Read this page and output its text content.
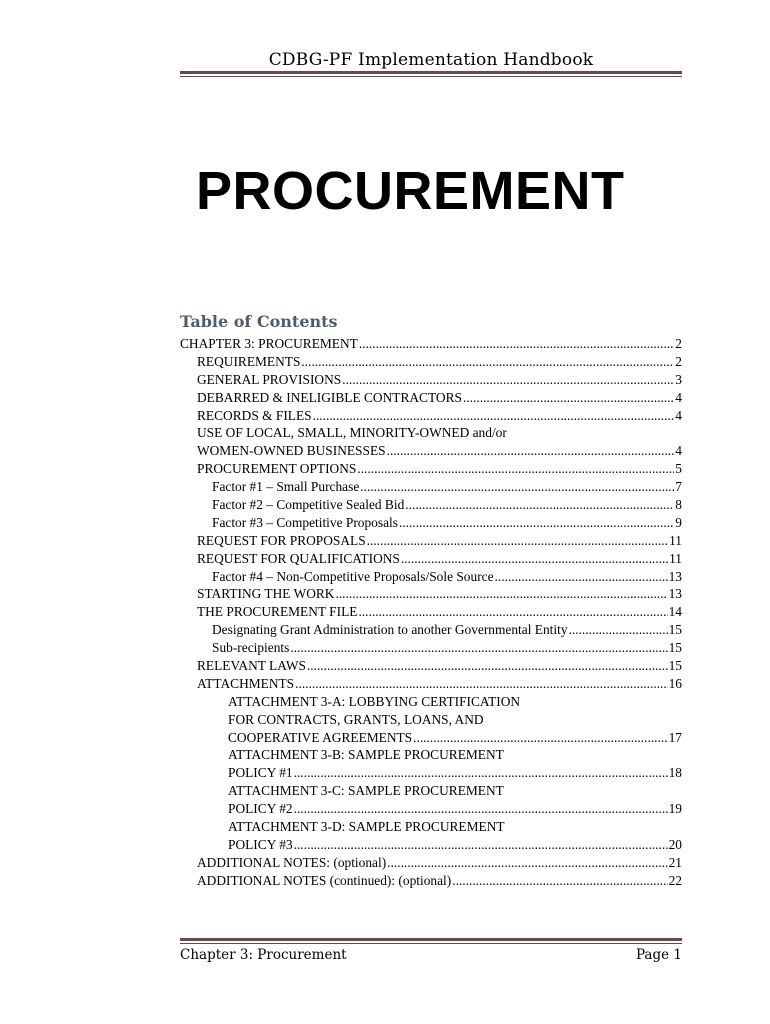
CDBG-PF Implementation Handbook
PROCUREMENT
Table of Contents
CHAPTER 3: PROCUREMENT .....	2
REQUIREMENTS .....	2
GENERAL PROVISIONS .....	3
DEBARRED & INELIGIBLE CONTRACTORS .....	4
RECORDS & FILES .....	4
USE OF LOCAL, SMALL, MINORITY-OWNED and/or
WOMEN-OWNED BUSINESSES .....	4
PROCUREMENT OPTIONS .....	5
Factor #1 – Small Purchase .....	7
Factor #2 – Competitive Sealed Bid .....	8
Factor #3 – Competitive Proposals .....	9
REQUEST FOR PROPOSALS .....	11
REQUEST FOR QUALIFICATIONS .....	11
Factor #4 – Non-Competitive Proposals/Sole Source .....	13
STARTING THE WORK .....	13
THE PROCUREMENT FILE .....	14
Designating Grant Administration to another Governmental Entity .....	15
Sub-recipients .....	15
RELEVANT LAWS .....	15
ATTACHMENTS .....	16
ATTACHMENT 3-A: LOBBYING CERTIFICATION
FOR CONTRACTS, GRANTS, LOANS, AND
COOPERATIVE AGREEMENTS .....	17
ATTACHMENT 3-B: SAMPLE PROCUREMENT
POLICY #1 .....	18
ATTACHMENT 3-C: SAMPLE PROCUREMENT
POLICY #2 .....	19
ATTACHMENT 3-D: SAMPLE PROCUREMENT
POLICY #3 .....	20
ADDITIONAL NOTES: (optional) .....	21
ADDITIONAL NOTES (continued): (optional) .....	22
Chapter 3: Procurement	Page 1
